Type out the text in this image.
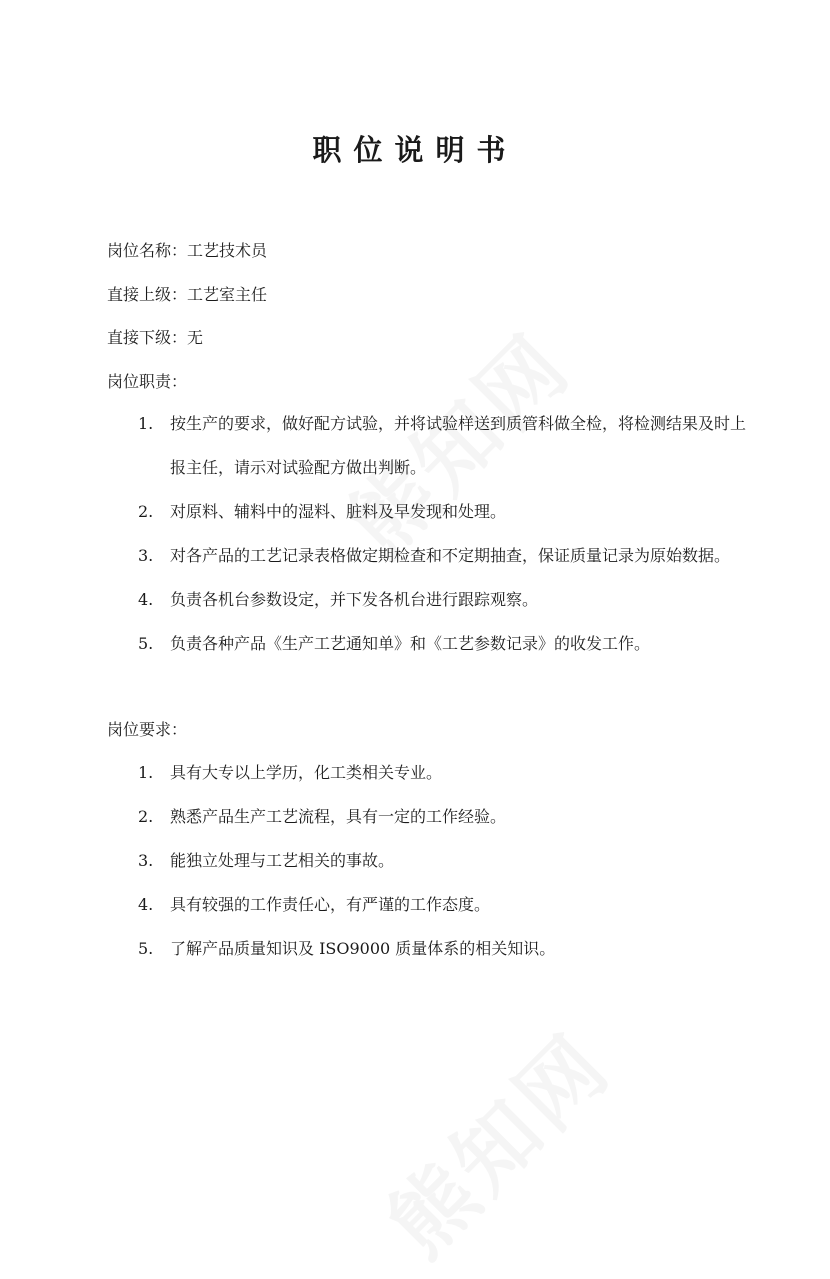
职位说明书
岗位名称：工艺技术员
直接上级：工艺室主任
直接下级：无
岗位职责：
1. 按生产的要求，做好配方试验，并将试验样送到质管科做全检，将检测结果及时上报主任，请示对试验配方做出判断。
2. 对原料、辅料中的湿料、脏料及早发现和处理。
3. 对各产品的工艺记录表格做定期检查和不定期抽查，保证质量记录为原始数据。
4. 负责各机台参数设定，并下发各机台进行跟踪观察。
5. 负责各种产品《生产工艺通知单》和《工艺参数记录》的收发工作。
岗位要求：
1. 具有大专以上学历，化工类相关专业。
2. 熟悉产品生产工艺流程，具有一定的工作经验。
3. 能独立处理与工艺相关的事故。
4. 具有较强的工作责任心，有严谨的工作态度。
5. 了解产品质量知识及 ISO9000 质量体系的相关知识。
